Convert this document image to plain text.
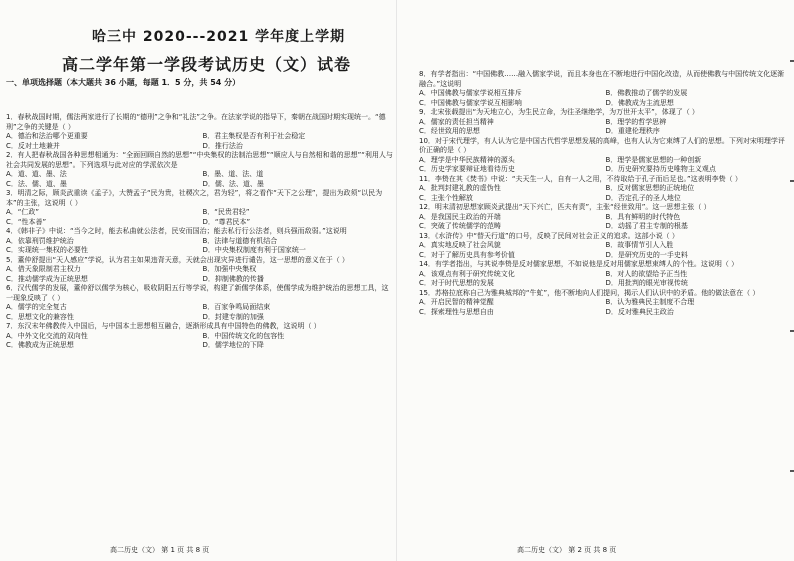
哈三中 2020---2021 学年度上学期
高二学年第一学段考试历史（文）试卷
一、单项选择题（本大题共 36 小题，每题 1．5 分，共 54 分）
1．春秋战国时期，儒法两家进行了长期的“德刑”之争和“礼法”之争。在法家学说的指导下，秦朝在战国时期实现统一。“德刑”之争的关键是（ ）
A．德治和法治哪个更重要	B．君主集权是否有利于社会稳定
C．反对土地兼并	D．推行法治
2．有人把春秋战国各种思想相通为：“全面回顾自然的思想”“中央集权的法制治思想”“顺应人与自然相和谐的思想”“利用人与社会共同发展的思想”。下列选项与此对应的学派依次是
A．道、道、墨、法	B．墨、道、法、道
C．法、儒、道、墨	D．儒、法、道、墨
3．明清之际，顾炎武重读《孟子》，大赞孟子“民为贵，社稷次之，君为轻”，将之看作“天下之公理”，提出为政须“以民为本”的主张，这说明（ ）
A．“仁政”	B．“民贵君轻”
C．“性本善”	D．“尊君民本”
4．《韩非子》中说：“当今之时，能去私曲就公法者，民安而国治；能去私行行公法者，则兵强而敌弱。”这说明
A．依靠刑罚维护统治	B．法律与道德有机结合
C．实现统一集权的必要性	D．中央集权制度有利于国家统一
5．董仲舒提出“天人感应”学说，认为君主如果违背天意，天就会出现灾异进行谴告，这一思想的意义在于（ ）
A．借天象限制君主权力	B．加强中央集权
C．推动儒学成为正统思想	D．抑制佛教的传播
6．汉代儒学的发展，董仲舒以儒学为核心，吸收阴阳五行等学说，构建了新儒学体系，使儒学成为维护统治的思想工具，这一现象反映了（ ）
A．儒学的完全复古	B．百家争鸣局面结束
C．思想文化的兼容性	D．封建专制的加强
7．东汉末年佛教传入中国后，与中国本土思想相互融合，逐渐形成具有中国特色的佛教，这说明（ ）
A．中外文化交流的双向性	B．中国传统文化的包容性
C．佛教成为正统思想	D．儒学地位的下降
高二历史（文） 第 1 页 共 8 页
8．有学者指出：“中国佛教……融入儒家学说，而且本身也在不断地进行中国化改造，从而使佛教与中国传统文化逐渐融合。”这说明
A．中国佛教与儒家学说相互排斥	B．佛教推动了儒学的发展
C．中国佛教与儒家学说互相影响	D．佛教成为主流思想
9．北宋张载提出“为天地立心，为生民立命，为往圣继绝学，为万世开太平”，体现了（ ）
A．儒家的责任担当精神	B．理学的哲学思辨
C．经世致用的思想	D．重建伦理秩序
10．对于宋代理学，有人认为它是中国古代哲学思想发展的高峰，也有人认为它束缚了人们的思想。下列对宋明理学评价正确的是（ ）
A．理学是中华民族精神的源头	B．理学是儒家思想的一种创新
C．历史学家要辩证地看待历史	D．历史研究要持历史唯物主义观点
11．李贽在其《焚书》中说：“夫天生一人，自有一人之用，不待取给于孔子而后足也。”这表明李贽（ ）
A．批判封建礼教的虚伪性	B．反对儒家思想的正统地位
C．主张个性解放	D．否定孔子的圣人地位
12．明末清初思想家顾炎武提出“天下兴亡，匹夫有责”，主张“经世致用”。这一思想主张（ ）
A．是我国民主政治的开端	B．具有鲜明的时代特色
C．突破了传统儒学的范畴	D．动摇了君主专制的根基
13．《水浒传》中“替天行道”的口号，反映了民间对社会正义的追求。这部小说（ ）
A．真实地反映了社会风貌	B．故事情节引人入胜
C．对于了解历史具有参考价值	D．是研究历史的一手史料
14．有学者指出，与其说李贽是反对儒家思想，不如说他是反对用儒家思想束缚人的个性。这说明（ ）
A．该观点有利于研究传统文化	B．对人的欲望给予正当性
C．对于时代思想的发展	D．用批判的眼光审视传统
15．苏格拉底称自己为雅典城邦的“牛虻”，他不断地向人们提问，揭示人们认识中的矛盾。他的做法意在（ ）
A．开启民智的精神觉醒	B．认为雅典民主制度不合理
C．探索理性与思想自由	D．反对雅典民主政治
高二历史（文） 第 2 页 共 8 页
